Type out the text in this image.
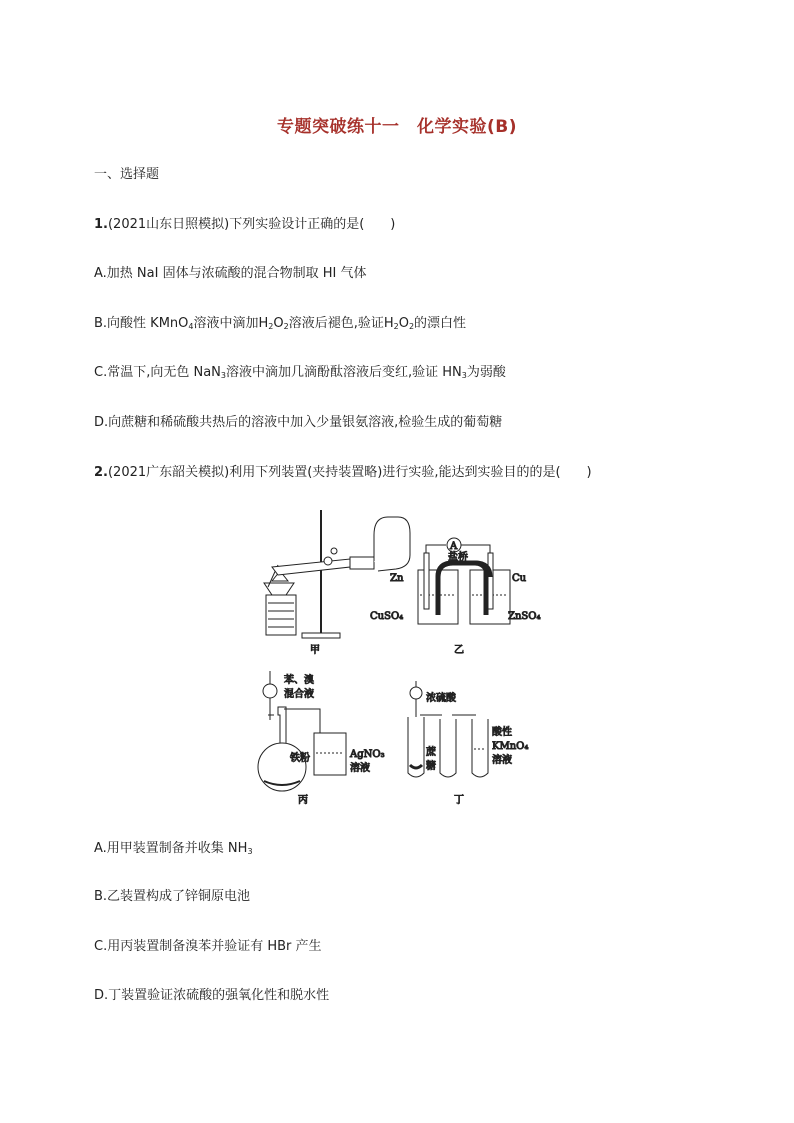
专题突破练十一　化学实验(B)
一、选择题
1.(2021山东日照模拟)下列实验设计正确的是(　　)
A.加热 NaI 固体与浓硫酸的混合物制取 HI 气体
B.向酸性 KMnO$_4$溶液中滴加$H_2O_2$溶液后褪色,验证$H_2O_2$的漂白性
C.常温下,向无色 NaN$_3$溶液中滴加几滴酚酞溶液后变红,验证 $HN_3$为弱酸
D.向蔗糖和稀硫酸共热后的溶液中加入少量银氨溶液,检验生成的葡萄糖
2.(2021广东韶关模拟)利用下列装置(夹持装置略)进行实验,能达到实验目的的是(　　)
甲
A
盐桥
Zn	Cu
CuSO₄	ZnSO₄
乙
苯、溴
混合液
铁粉	AgNO₃
溶液
丙
浓硫酸
蔗
糖
酸性
KMnO₄
溶液
丁
A.用甲装置制备并收集 $NH_3$
B.乙装置构成了锌铜原电池
C.用丙装置制备溴苯并验证有 HBr 产生
D.丁装置验证浓硫酸的强氧化性和脱水性
